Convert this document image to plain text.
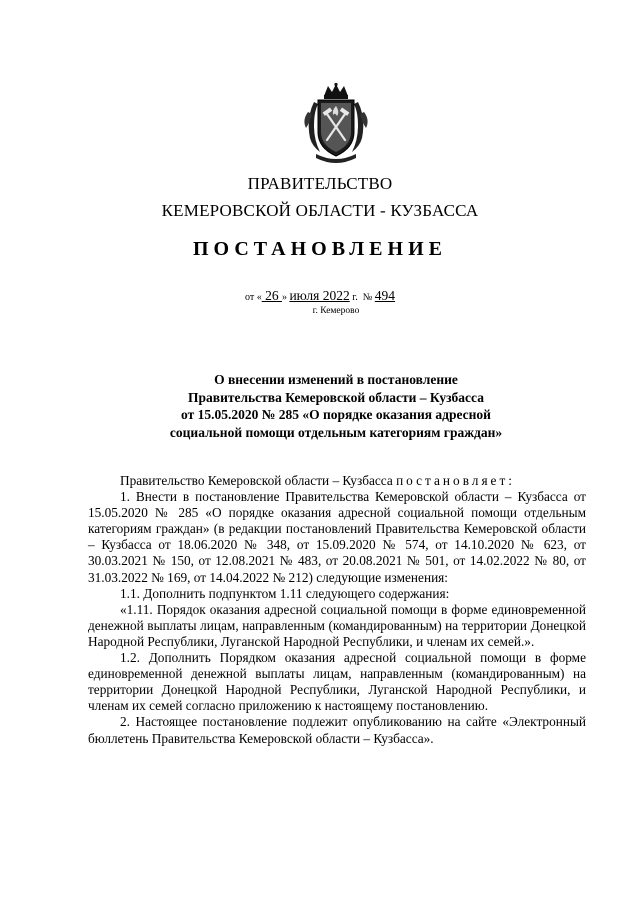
ПРАВИТЕЛЬСТВО
КЕМЕРОВСКОЙ ОБЛАСТИ - КУЗБАССА
ПОСТАНОВЛЕНИЕ
от « 26 » июля 2022 г.  № 494
г. Кемерово
О внесении изменений в постановление
Правительства Кемеровской области – Кузбасса
от 15.05.2020 № 285 «О порядке оказания адресной
социальной помощи отдельным категориям граждан»

Правительство Кемеровской области – Кузбасса постановляет:

1. Внести в постановление Правительства Кемеровской области – Кузбасса от 15.05.2020 № 285 «О порядке оказания адресной социальной помощи отдельным категориям граждан» (в редакции постановлений Правительства Кемеровской области – Кузбасса от 18.06.2020 № 348, от 15.09.2020 № 574, от 14.10.2020 № 623, от 30.03.2021 № 150, от 12.08.2021 № 483, от 20.08.2021 № 501, от 14.02.2022 № 80, от 31.03.2022 № 169, от 14.04.2022 № 212) следующие изменения:

1.1. Дополнить подпунктом 1.11 следующего содержания:

«1.11. Порядок оказания адресной социальной помощи в форме единовременной денежной выплаты лицам, направленным (командированным) на территории Донецкой Народной Республики, Луганской Народной Республики, и членам их семей.».

1.2. Дополнить Порядком оказания адресной социальной помощи в форме единовременной денежной выплаты лицам, направленным (командированным) на территории Донецкой Народной Республики, Луганской Народной Республики, и членам их семей согласно приложению к настоящему постановлению.

2. Настоящее постановление подлежит опубликованию на сайте «Электронный бюллетень Правительства Кемеровской области – Кузбасса».
